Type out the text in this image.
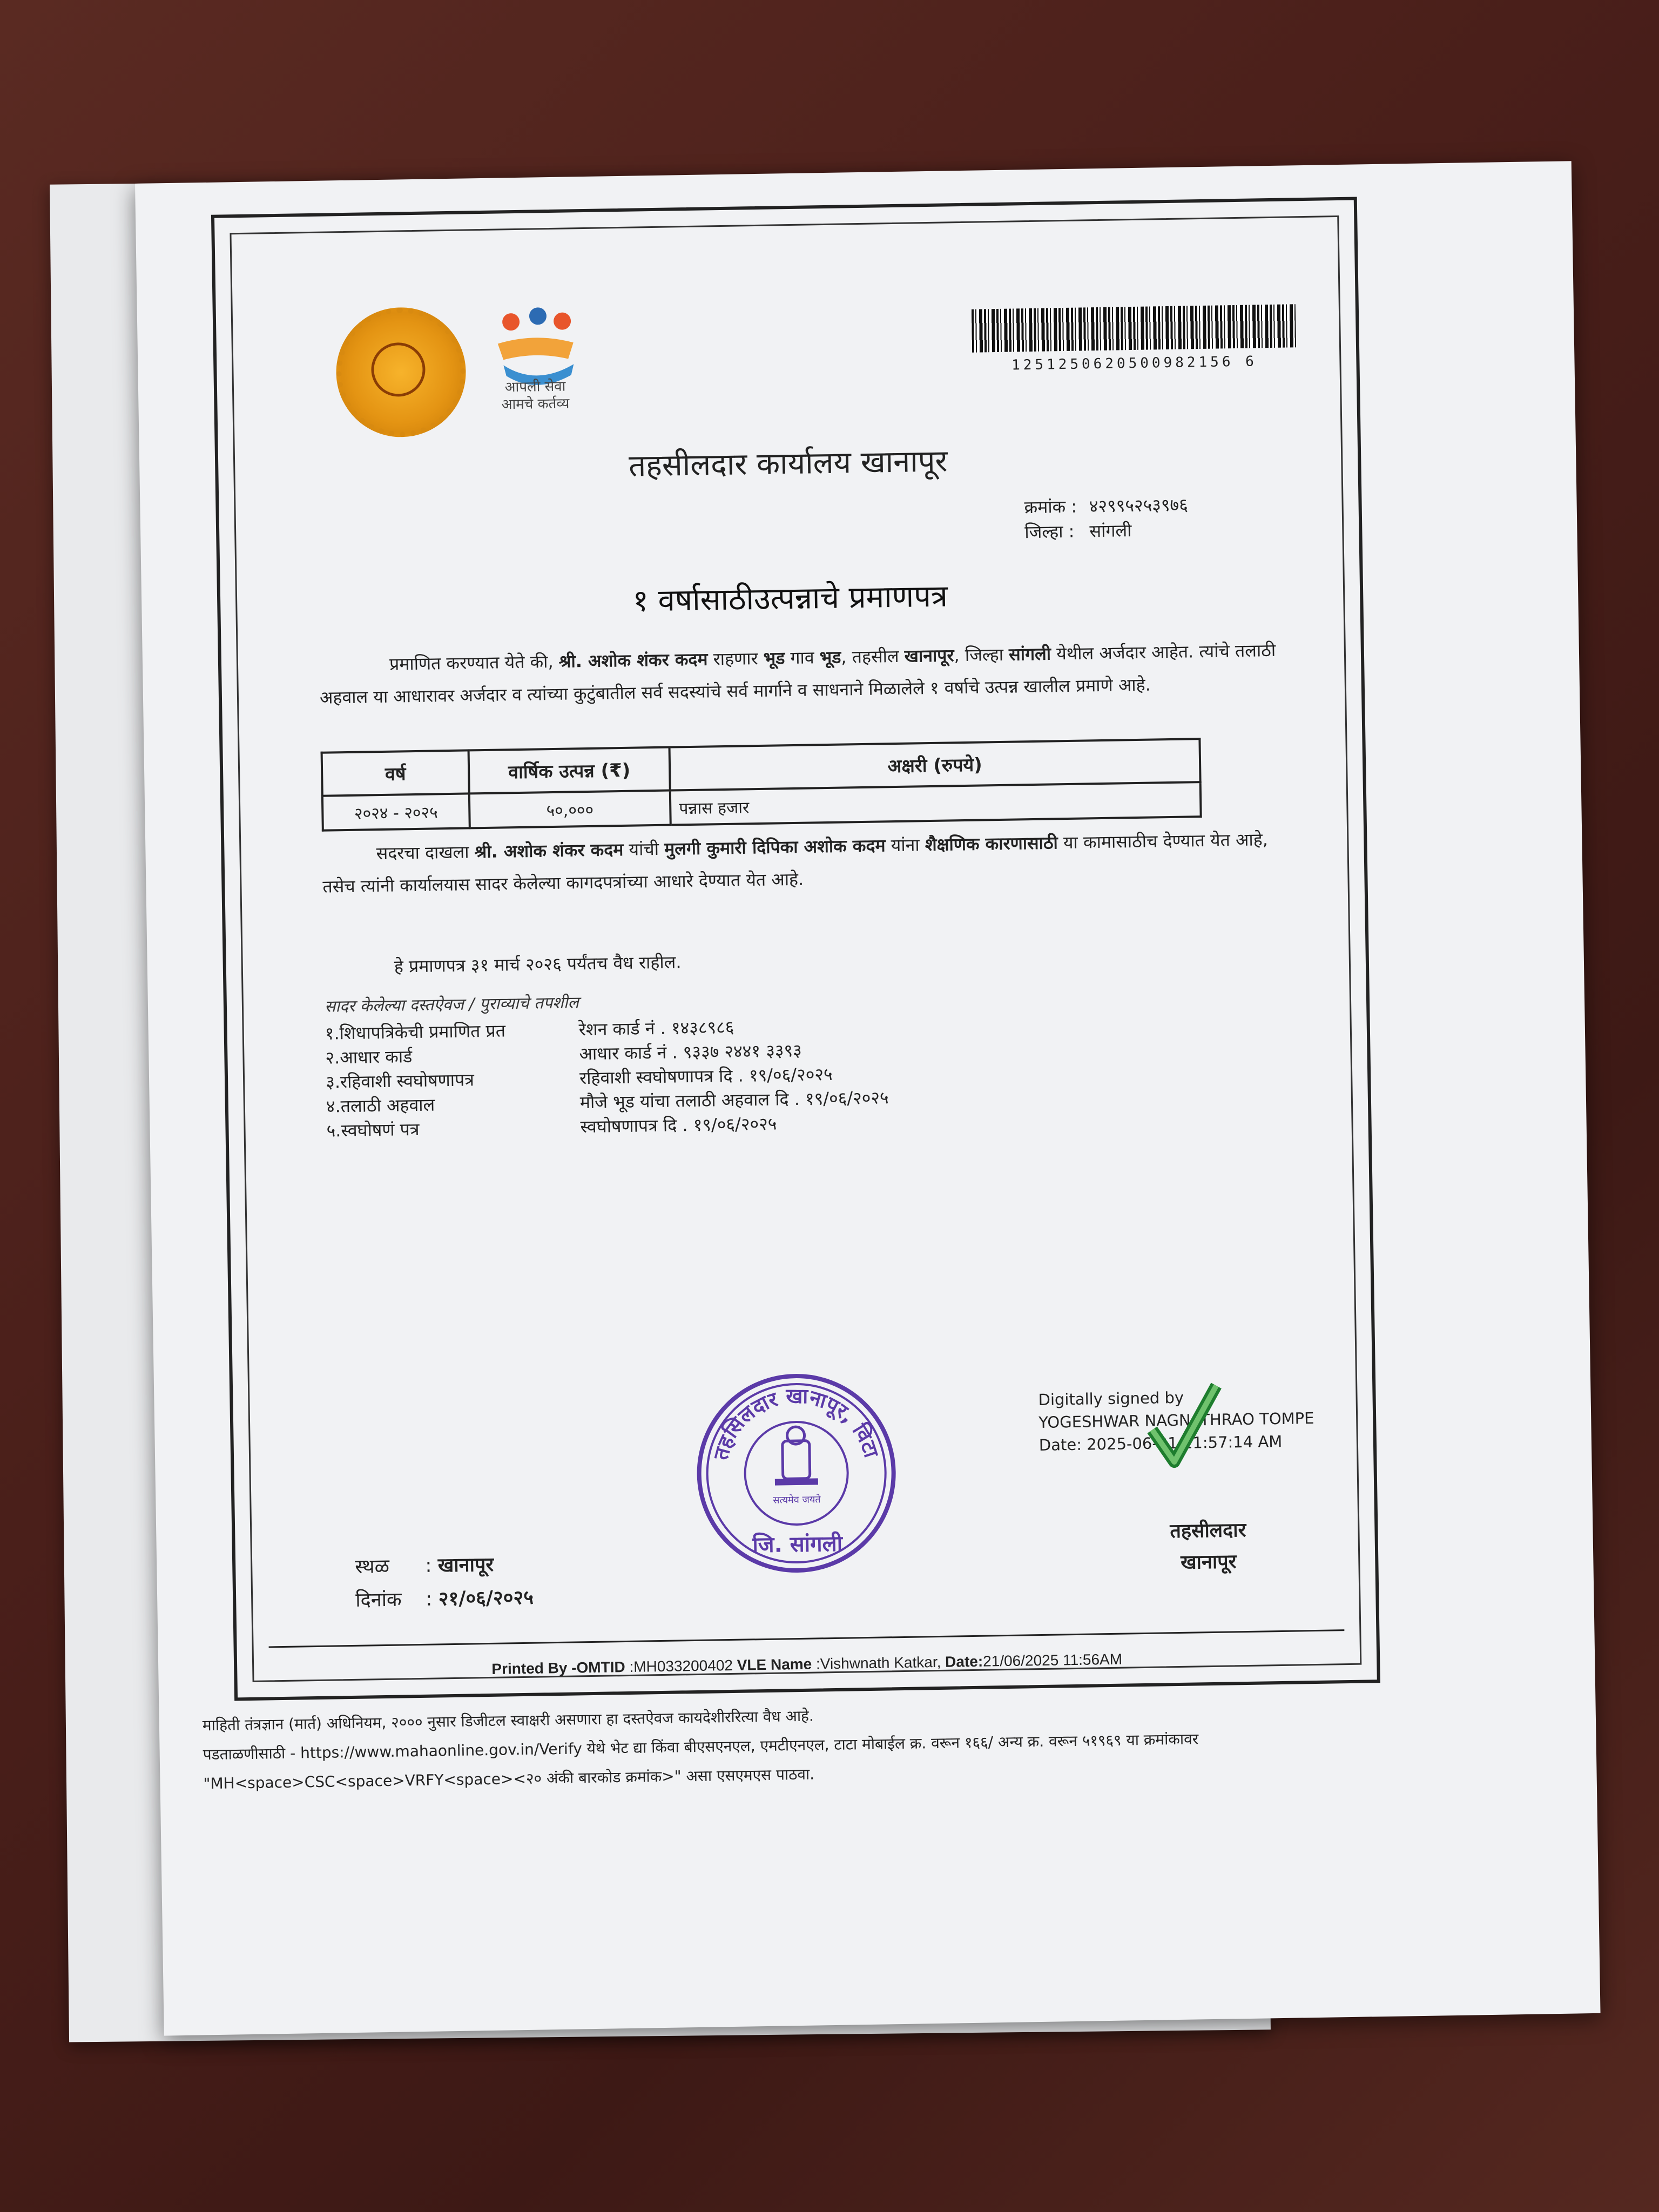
आपली सेवा
आमचे कर्तव्य
1251250620500982156 6
तहसीलदार कार्यालय खानापूर
क्रमांक : ४२९९५२५३९७६
जिल्हा : सांगली
१ वर्षासाठीउत्पन्नाचे प्रमाणपत्र
प्रमाणित करण्यात येते की, श्री. अशोक शंकर कदम राहणार भूड गाव भूड, तहसील खानापूर, जिल्हा सांगली येथील अर्जदार आहेत. त्यांचे तलाठी अहवाल या आधारावर अर्जदार व त्यांच्या कुटुंबातील सर्व सदस्यांचे सर्व मार्गाने व साधनाने मिळालेले १ वर्षाचे उत्पन्न खालील प्रमाणे आहे.
वर्ष	वार्षिक उत्पन्न (₹)	अक्षरी (रुपये)
२०२४ - २०२५	५०,०००	पन्नास हजार
सदरचा दाखला श्री. अशोक शंकर कदम यांची मुलगी कुमारी दिपिका अशोक कदम यांना शैक्षणिक कारणासाठी या कामासाठीच देण्यात येत आहे, तसेच त्यांनी कार्यालयास सादर केलेल्या कागदपत्रांच्या आधारे देण्यात येत आहे.
हे प्रमाणपत्र ३१ मार्च २०२६ पर्यंतच वैध राहील.
सादर केलेल्या दस्तऐवज / पुराव्याचे तपशील
१.शिधापत्रिकेची प्रमाणित प्रत	रेशन कार्ड नं . १४३८९८६
२.आधार कार्ड	आधार कार्ड नं . ९३३७ २४४१ ३३९३
३.रहिवाशी स्वघोषणापत्र	रहिवाशी स्वघोषणापत्र दि . १९/०६/२०२५
४.तलाठी अहवाल	मौजे भूड यांचा तलाठी अहवाल दि . १९/०६/२०२५
५.स्वघोषणं पत्र	स्वघोषणापत्र दि . १९/०६/२०२५
तहसिलदार खानापूर, विटा
सत्यमेव जयते
जि. सांगली
Digitally signed by
YOGESHWAR NAGNATHRAO TOMPE
Date: 2025-06-21 11:57:14 AM
तहसीलदार
खानापूर
स्थळ : खानापूर
दिनांक : २१/०६/२०२५
Printed By -OMTID :MH033200402 VLE Name :Vishwnath Katkar, Date:21/06/2025 11:56AM
माहिती तंत्रज्ञान (मार्त) अधिनियम, २००० नुसार डिजीटल स्वाक्षरी असणारा हा दस्तऐवज कायदेशीररित्या वैध आहे.
पडताळणीसाठी - https://www.mahaonline.gov.in/Verify येथे भेट द्या किंवा बीएसएनएल, एमटीएनएल, टाटा मोबाईल क्र. वरून १६६/ अन्य क्र. वरून ५१९६९ या क्रमांकावर
"MH<space>CSC<space>VRFY<space><२० अंकी बारकोड क्रमांक>" असा एसएमएस पाठवा.
